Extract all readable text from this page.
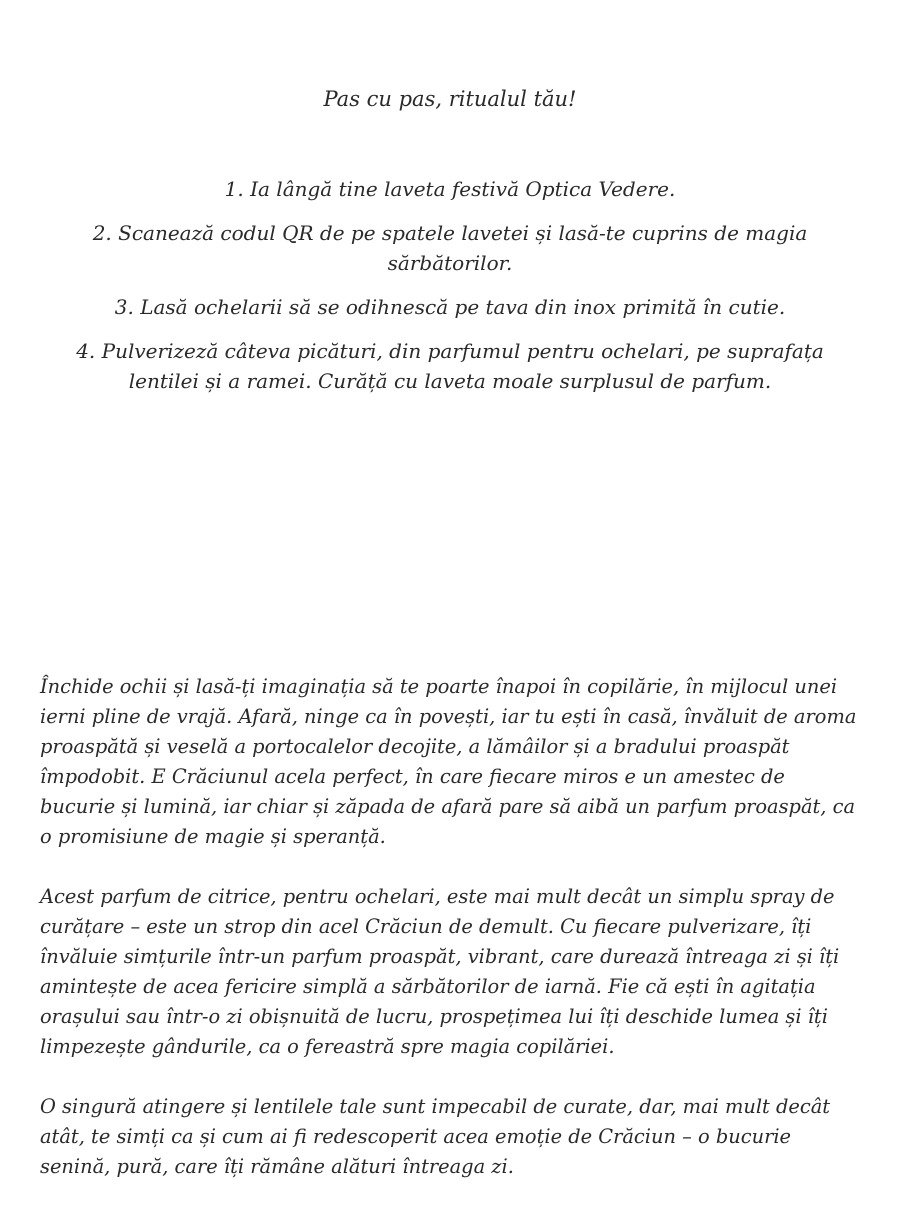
Pas cu pas, ritualul tău!
1. Ia lângă tine laveta festivă Optica Vedere.
2. Scanează codul QR de pe spatele lavetei și lasă-te cuprins de magia sărbătorilor.
3. Lasă ochelarii să se odihnescă pe tava din inox primită în cutie.
4. Pulverizeză câteva picături, din parfumul pentru ochelari, pe suprafața lentilei și a ramei. Curăță cu laveta moale surplusul de parfum.

Închide ochii și lasă-ți imaginația să te poarte înapoi în copilărie, în mijlocul unei ierni pline de vrajă. Afară, ninge ca în povești, iar tu ești în casă, învăluit de aroma proaspătă și veselă a portocalelor decojite, a lămâilor și a bradului proaspăt împodobit. E Crăciunul acela perfect, în care fiecare miros e un amestec de bucurie și lumină, iar chiar și zăpada de afară pare să aibă un parfum proaspăt, ca o promisiune de magie și speranță.

Acest parfum de citrice, pentru ochelari, este mai mult decât un simplu spray de curățare – este un strop din acel Crăciun de demult. Cu fiecare pulverizare, îți învăluie simțurile într-un parfum proaspăt, vibrant, care durează întreaga zi și îți amintește de acea fericire simplă a sărbătorilor de iarnă. Fie că ești în agitația orașului sau într-o zi obișnuită de lucru, prospețimea lui îți deschide lumea și îți limpezește gândurile, ca o fereastră spre magia copilăriei.

O singură atingere și lentilele tale sunt impecabil de curate, dar, mai mult decât atât, te simți ca și cum ai fi redescoperit acea emoție de Crăciun – o bucurie senină, pură, care îți rămâne alături întreaga zi.
